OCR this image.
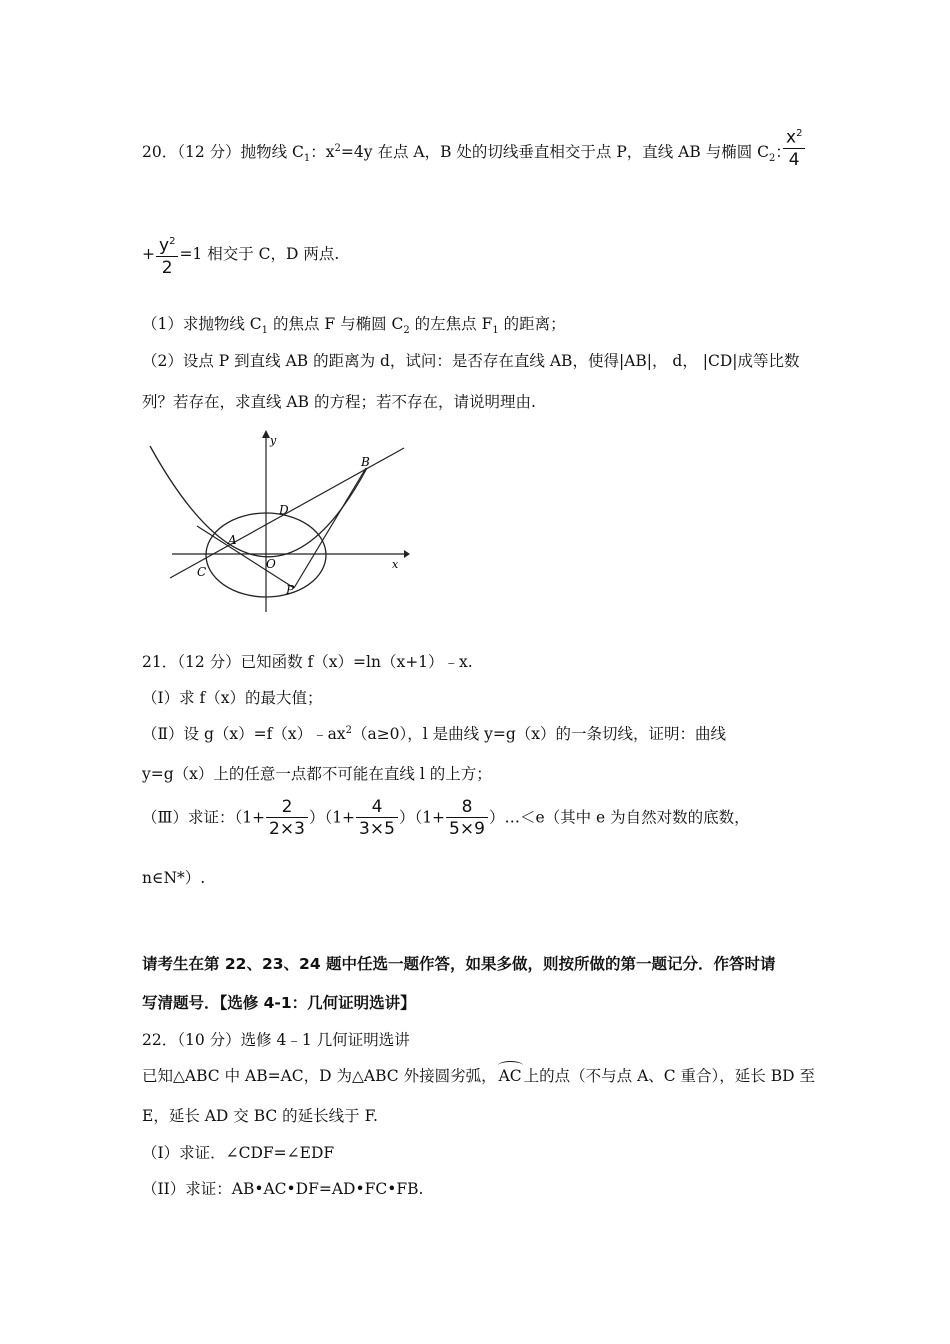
20．（12 分）抛物线 $C_1$：$x^2=4y$ 在点 A，B 处的切线垂直相交于点 P，直线 AB 与椭圆 $C_2$：
$\frac{x^2}{4}$
+ $\frac{y^2}{2} =1$ 相交于 C，D 两点.
（1）求抛物线 $C_1$ 的焦点 F 与椭圆 $C_2$ 的左焦点 $F_1$ 的距离；
（2）设点 P 到直线 AB 的距离为 d，试问：是否存在直线 AB，使得|AB|， d， |CD|成等比数
列？若存在，求直线 AB 的方程；若不存在，请说明理由.
y
x
B
D
A
O
C
P
21．（12 分）已知函数 f（x）=ln（x+1）﹣x.
（Ⅰ）求 f（x）的最大值；
（Ⅱ）设 $g(x)=f(x)﹣ax^2(a\ge 0)$，l 是曲线 y=g（x）的一条切线，证明：曲线
y=g（x）上的任意一点都不可能在直线 l 的上方；
（Ⅲ）求证：$(1+ \frac{2}{2\times 3} )(1+ \frac{4}{3\times 5} )(1+ \frac{8}{5\times 9}$ ）…＜e（其中 e 为自然对数的底数，
n∈N*）.
请考生在第 22、23、24 题中任选一题作答，如果多做，则按所做的第一题记分．作答时请
写清题号．【选修 4-1：几何证明选讲】
22．（10 分）选修 4﹣1 几何证明选讲
已知△ABC 中 AB=AC，D 为△ABC 外接圆劣弧， AC 上的点（不与点 A、C 重合），延长 BD 至
E，延长 AD 交 BC 的延长线于 F.
（I）求证．∠CDF=∠EDF
（II）求证：AB•AC•DF=AD•FC•FB.
